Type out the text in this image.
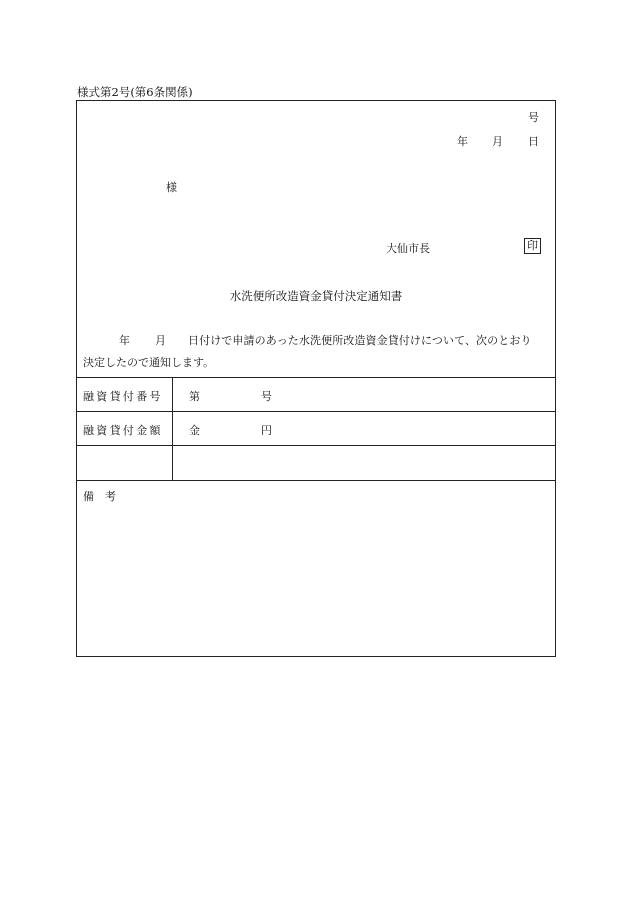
様式第2号(第6条関係)
号
年 月 日
様
大仙市長	印
水洗便所改造資金貸付決定通知書
年 月 日付けで申請のあった水洗便所改造資金貸付けについて、次のとおり
決定したので通知します。
融資貸付番号 第	号
融資貸付金額 金	円
備　考
